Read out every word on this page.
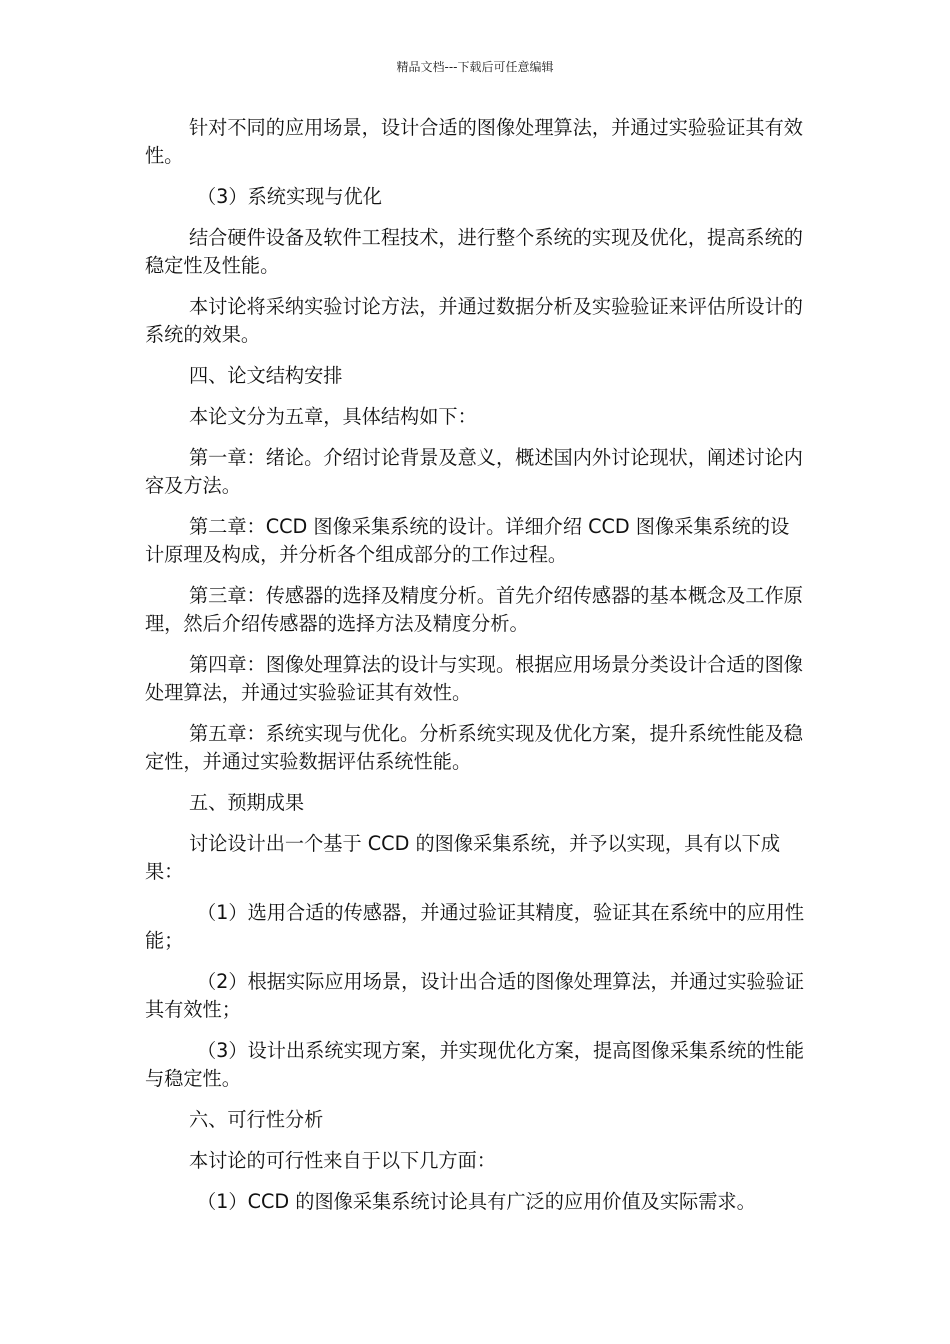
精品文档---下载后可任意编辑

针对不同的应用场景，设计合适的图像处理算法，并通过实验验证其有效性。

（3）系统实现与优化

结合硬件设备及软件工程技术，进行整个系统的实现及优化，提高系统的稳定性及性能。

本讨论将采纳实验讨论方法，并通过数据分析及实验验证来评估所设计的系统的效果。

四、论文结构安排

本论文分为五章，具体结构如下：

第一章：绪论。介绍讨论背景及意义，概述国内外讨论现状，阐述讨论内容及方法。

第二章：CCD 图像采集系统的设计。详细介绍 CCD 图像采集系统的设计原理及构成，并分析各个组成部分的工作过程。

第三章：传感器的选择及精度分析。首先介绍传感器的基本概念及工作原理，然后介绍传感器的选择方法及精度分析。

第四章：图像处理算法的设计与实现。根据应用场景分类设计合适的图像处理算法，并通过实验验证其有效性。

第五章：系统实现与优化。分析系统实现及优化方案，提升系统性能及稳定性，并通过实验数据评估系统性能。

五、预期成果

讨论设计出一个基于 CCD 的图像采集系统，并予以实现，具有以下成果：

（1）选用合适的传感器，并通过验证其精度，验证其在系统中的应用性能；

（2）根据实际应用场景，设计出合适的图像处理算法，并通过实验验证其有效性；

（3）设计出系统实现方案，并实现优化方案，提高图像采集系统的性能与稳定性。

六、可行性分析

本讨论的可行性来自于以下几方面：

（1）CCD 的图像采集系统讨论具有广泛的应用价值及实际需求。
